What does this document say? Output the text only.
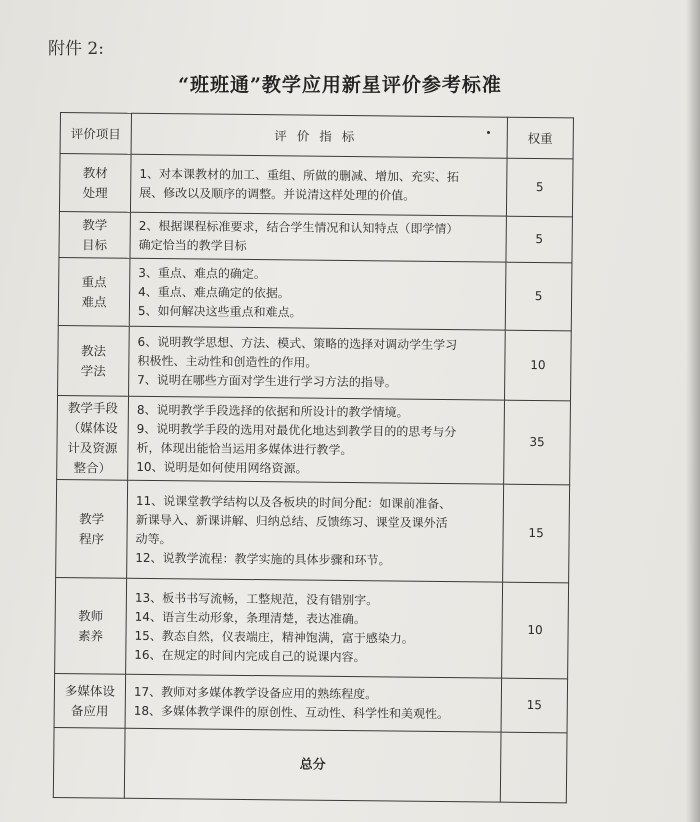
附件 2:
“班班通”教学应用新星评价参考标准
评价项目	评价指标	权重

教材
处理	1、对本课教材的加工、重组、所做的删减、增加、充实、拓
展、修改以及顺序的调整。并说清这样处理的价值。	5

教学
目标	2、根据课程标准要求，结合学生情况和认知特点（即学情）
确定恰当的教学目标	5

重点
难点	3、重点、难点的确定。
4、重点、难点确定的依据。
5、如何解决这些重点和难点。	5

教法
学法	6、说明教学思想、方法、模式、策略的选择对调动学生学习
积极性、主动性和创造性的作用。
7、说明在哪些方面对学生进行学习方法的指导。	10

教学手段
（媒体设
计及资源
整合）	8、说明教学手段选择的依据和所设计的教学情境。
9、说明教学手段的选用对最优化地达到教学目的的思考与分
析，体现出能恰当运用多媒体进行教学。
10、说明是如何使用网络资源。	35

教学
程序	11、说课堂教学结构以及各板块的时间分配：如课前准备、
新课导入、新课讲解、归纳总结、反馈练习、课堂及课外活
动等。
12、说教学流程：教学实施的具体步骤和环节。	15

教师
素养	13、板书书写流畅，工整规范，没有错别字。
14、语言生动形象，条理清楚，表达准确。
15、教态自然，仪表端庄，精神饱满，富于感染力。
16、在规定的时间内完成自己的说课内容。	10

多媒体设
备应用	17、教师对多媒体教学设备应用的熟练程度。
18、多媒体教学课件的原创性、互动性、科学性和美观性。	15

	总分	
